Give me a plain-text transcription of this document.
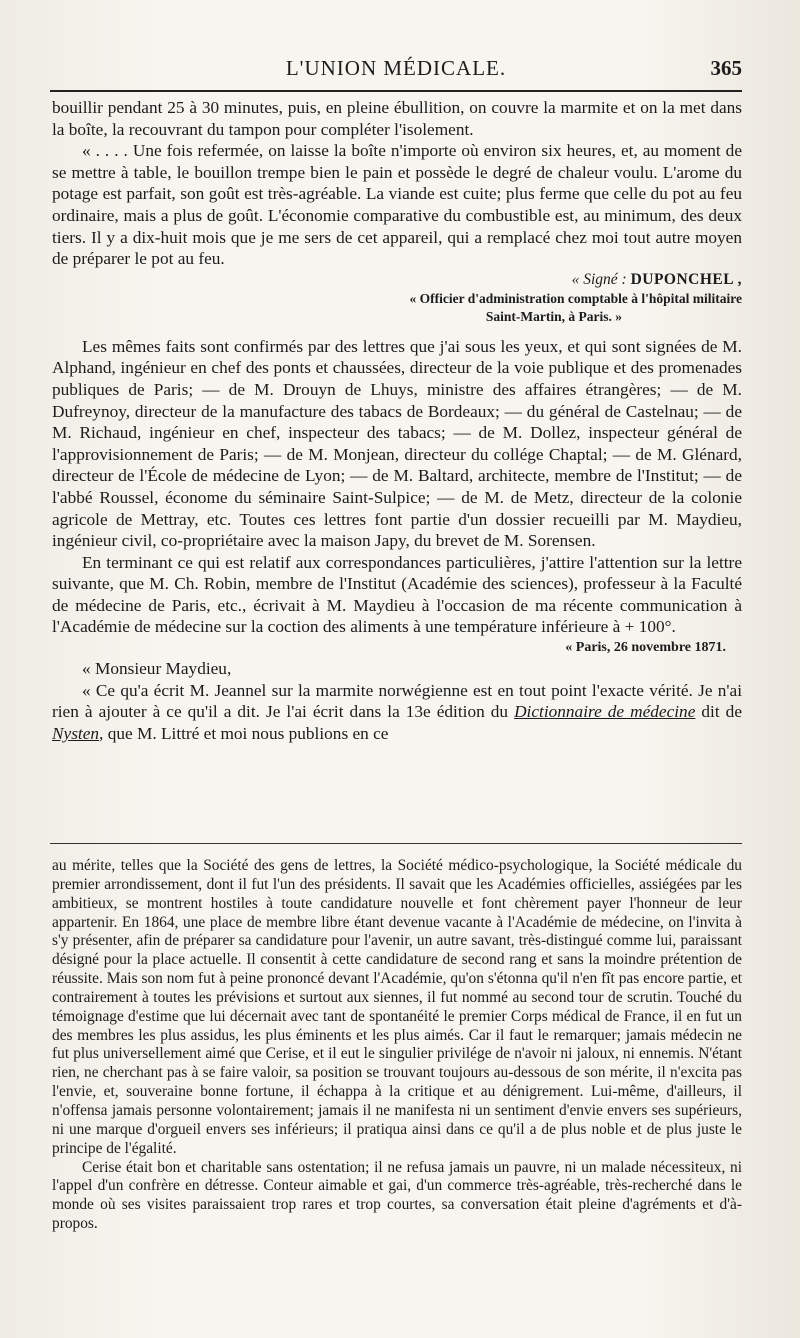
L'UNION MÉDICALE.	365

bouillir pendant 25 à 30 minutes, puis, en pleine ébullition, on couvre la marmite et on la met dans la boîte, la recouvrant du tampon pour compléter l'isolement.

« . . . . Une fois refermée, on laisse la boîte n'importe où environ six heures, et, au moment de se mettre à table, le bouillon trempe bien le pain et possède le degré de chaleur voulu. L'arome du potage est parfait, son goût est très-agréable. La viande est cuite; plus ferme que celle du pot au feu ordinaire, mais a plus de goût. L'économie comparative du combustible est, au minimum, des deux tiers. Il y a dix-huit mois que je me sers de cet appareil, qui a remplacé chez moi tout autre moyen de préparer le pot au feu.

« Signé : DUPONCHEL ,
« Officier d'administration comptable à l'hôpital militaire
Saint-Martin, à Paris. »

Les mêmes faits sont confirmés par des lettres que j'ai sous les yeux, et qui sont signées de M. Alphand, ingénieur en chef des ponts et chaussées, directeur de la voie publique et des promenades publiques de Paris; — de M. Drouyn de Lhuys, ministre des affaires étrangères; — de M. Dufreynoy, directeur de la manufacture des tabacs de Bordeaux; — du général de Castelnau; — de M. Richaud, ingénieur en chef, inspecteur des tabacs; — de M. Dollez, inspecteur général de l'approvisionnement de Paris; — de M. Monjean, directeur du collége Chaptal; — de M. Glénard, directeur de l'École de médecine de Lyon; — de M. Baltard, architecte, membre de l'Institut; — de l'abbé Roussel, économe du séminaire Saint-Sulpice; — de M. de Metz, directeur de la colonie agricole de Mettray, etc. Toutes ces lettres font partie d'un dossier recueilli par M. Maydieu, ingénieur civil, co-propriétaire avec la maison Japy, du brevet de M. Sorensen.

En terminant ce qui est relatif aux correspondances particulières, j'attire l'attention sur la lettre suivante, que M. Ch. Robin, membre de l'Institut (Académie des sciences), professeur à la Faculté de médecine de Paris, etc., écrivait à M. Maydieu à l'occasion de ma récente communication à l'Académie de médecine sur la coction des aliments à une température inférieure à + 100°.

« Paris, 26 novembre 1871.

« Monsieur Maydieu,

« Ce qu'a écrit M. Jeannel sur la marmite norwégienne est en tout point l'exacte vérité. Je n'ai rien à ajouter à ce qu'il a dit. Je l'ai écrit dans la 13e édition du Dictionnaire de médecine dit de Nysten, que M. Littré et moi nous publions en ce

au mérite, telles que la Société des gens de lettres, la Société médico-psychologique, la Société médicale du premier arrondissement, dont il fut l'un des présidents. Il savait que les Académies officielles, assiégées par les ambitieux, se montrent hostiles à toute candidature nouvelle et font chèrement payer l'honneur de leur appartenir. En 1864, une place de membre libre étant devenue vacante à l'Académie de médecine, on l'invita à s'y présenter, afin de préparer sa candidature pour l'avenir, un autre savant, très-distingué comme lui, paraissant désigné pour la place actuelle. Il consentit à cette candidature de second rang et sans la moindre prétention de réussite. Mais son nom fut à peine prononcé devant l'Académie, qu'on s'étonna qu'il n'en fît pas encore partie, et contrairement à toutes les prévisions et surtout aux siennes, il fut nommé au second tour de scrutin. Touché du témoignage d'estime que lui décernait avec tant de spontanéité le premier Corps médical de France, il en fut un des membres les plus assidus, les plus éminents et les plus aimés. Car il faut le remarquer; jamais médecin ne fut plus universellement aimé que Cerise, et il eut le singulier privilége de n'avoir ni jaloux, ni ennemis. N'étant rien, ne cherchant pas à se faire valoir, sa position se trouvant toujours au-dessous de son mérite, il n'excita pas l'envie, et, souveraine bonne fortune, il échappa à la critique et au dénigrement. Lui-même, d'ailleurs, il n'offensa jamais personne volontairement; jamais il ne manifesta ni un sentiment d'envie envers ses supérieurs, ni une marque d'orgueil envers ses inférieurs; il pratiqua ainsi dans ce qu'il a de plus noble et de plus juste le principe de l'égalité.

Cerise était bon et charitable sans ostentation; il ne refusa jamais un pauvre, ni un malade nécessiteux, ni l'appel d'un confrère en détresse. Conteur aimable et gai, d'un commerce très-agréable, très-recherché dans le monde où ses visites paraissaient trop rares et trop courtes, sa conversation était pleine d'agréments et d'à-propos.
